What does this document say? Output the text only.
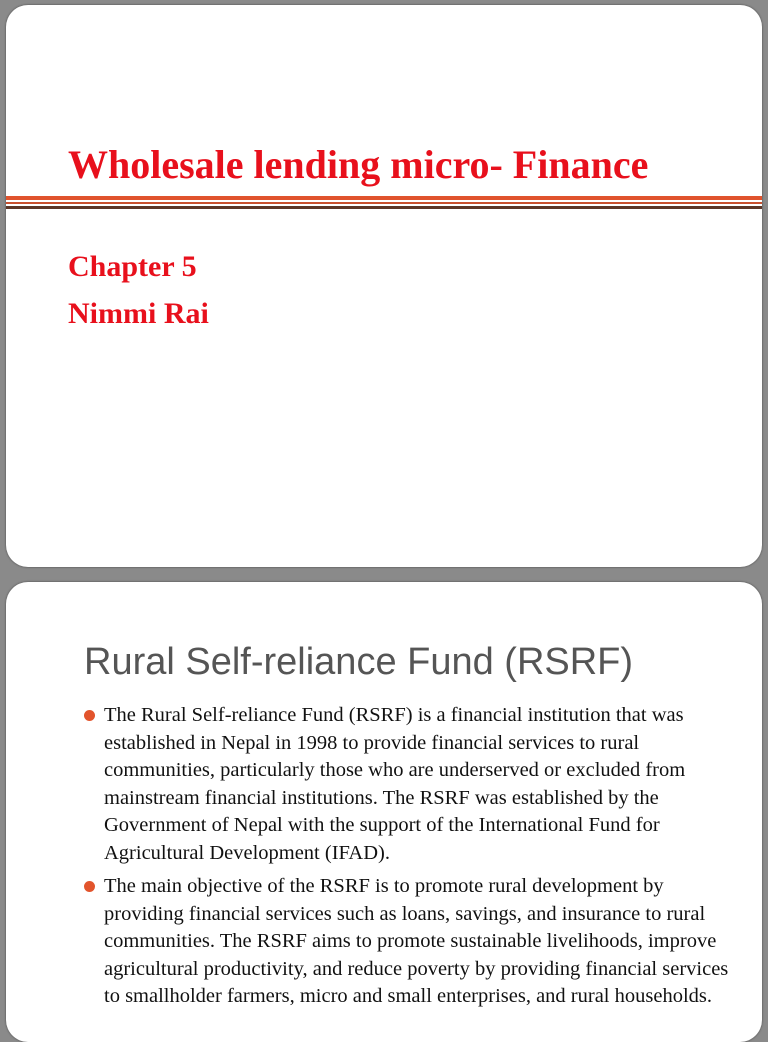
Wholesale lending micro- Finance
Chapter 5
Nimmi Rai
Rural Self-reliance Fund (RSRF)
The Rural Self-reliance Fund (RSRF) is a financial institution that was established in Nepal in 1998 to provide financial services to rural communities, particularly those who are underserved or excluded from mainstream financial institutions. The RSRF was established by the Government of Nepal with the support of the International Fund for Agricultural Development (IFAD).
The main objective of the RSRF is to promote rural development by providing financial services such as loans, savings, and insurance to rural communities. The RSRF aims to promote sustainable livelihoods, improve agricultural productivity, and reduce poverty by providing financial services to smallholder farmers, micro and small enterprises, and rural households.
